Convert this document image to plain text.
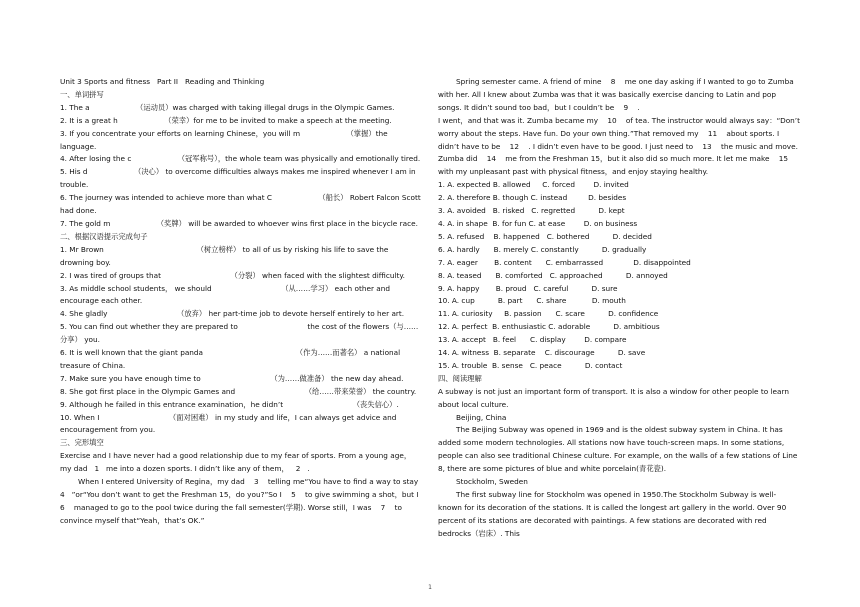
Unit 3 Sports and fitness   Part II   Reading and Thinking

一、单词拼写

1. The a                    （运动员）was charged with taking illegal drugs in the Olympic Games.

2. It is a great h                    （荣幸）for me to be invited to make a speech at the meeting.

3. If you concentrate your efforts on learning Chinese，you will m                    （掌握）the language.

4. After losing the c                    （冠军称号），the whole team was physically and emotionally tired.

5. His d                    （决心） to overcome difficulties always makes me inspired whenever I am in trouble.

6. The journey was intended to achieve more than what C                    （船长） Robert Falcon Scott had done.

7. The gold m                    （奖牌） will be awarded to whoever wins first place in the bicycle race.

二、根据汉语提示完成句子

1. Mr Brown                                        （树立榜样） to all of us by risking his life to save the drowning boy.

2. I was tired of groups that                              （分裂） when faced with the slightest difficulty.

3. As middle school students， we should                              （从……学习） each other and encourage each other.

4. She gladly                              （放弃） her part-time job to devote herself entirely to her art.

5. You can find out whether they are prepared to                              the cost of the flowers（与……分享） you.

6. It is well known that the giant panda                                        （作为……而著名） a national treasure of China.

7. Make sure you have enough time to                              （为……做准备） the new day ahead.

8. She got first place in the Olympic Games and                              （给……带来荣誉） the country.

9. Although he failed in this entrance examination，he didn’t                              （丧失信心）.

10. When I                              （面对困难） in my study and life，I can always get advice and encouragement from you.

三、完形填空

Exercise and I have never had a good relationship due to my fear of sports. From a young age，my dad   1   me into a dozen sports. I didn’t like any of them，   2   .

When I entered University of Regina，my dad    3    telling me“You have to find a way to stay   4   ”or“You don’t want to get the Freshman 15，do you?”So I    5    to give swimming a shot，but I    6    managed to go to the pool twice during the fall semester(学期). Worse still，I was    7    to convince myself that“Yeah，that’s OK.”

Spring semester came. A friend of mine    8    me one day asking if I wanted to go to Zumba with her. All I knew about Zumba was that it was basically exercise dancing to Latin and pop songs. It didn’t sound too bad，but I couldn’t be    9    .

I went，and that was it. Zumba became my    10    of tea. The instructor would always say：“Don’t worry about the steps. Have fun. Do your own thing.”That removed my    11    about sports. I didn’t have to be    12    . I didn’t even have to be good. I just need to    13    the music and move. Zumba did    14    me from the Freshman 15，but it also did so much more. It let me make    15    with my unpleasant past with physical fitness，and enjoy staying healthy.

1. A. expected B. allowed     C. forced        D. invited

2. A. therefore B. though C. instead         D. besides

3. A. avoided   B. risked   C. regretted          D. kept

4. A. in shape  B. for fun C. at ease        D. on business

5. A. refused    B. happened   C. bothered          D. decided

6. A. hardly      B. merely C. constantly          D. gradually

7. A. eager       B. content      C. embarrassed             D. disappointed

8. A. teased      B. comforted   C. approached          D. annoyed

9. A. happy       B. proud   C. careful          D. sure

10. A. cup          B. part      C. share           D. mouth

11. A. curiosity     B. passion      C. scare          D. confidence

12. A. perfect  B. enthusiastic C. adorable          D. ambitious

13. A. accept   B. feel      C. display        D. compare

14. A. witness  B. separate    C. discourage          D. save

15. A. trouble  B. sense   C. peace          D. contact

四、阅读理解

A subway is not just an important form of transport. It is also a window for other people to learn about local culture.

Beijing, China

The Beijing Subway was opened in 1969 and is the oldest subway system in China. It has added some modern technologies. All stations now have touch-screen maps. In some stations, people can also see traditional Chinese culture. For example, on the walls of a few stations of Line 8, there are some pictures of blue and white porcelain(青花瓷).

Stockholm, Sweden

The first subway line for Stockholm was opened in 1950.The Stockholm Subway is well-known for its decoration of the stations. It is called the longest art gallery in the world. Over 90 percent of its stations are decorated with paintings. A few stations are decorated with red bedrocks（岩床）. This

1
